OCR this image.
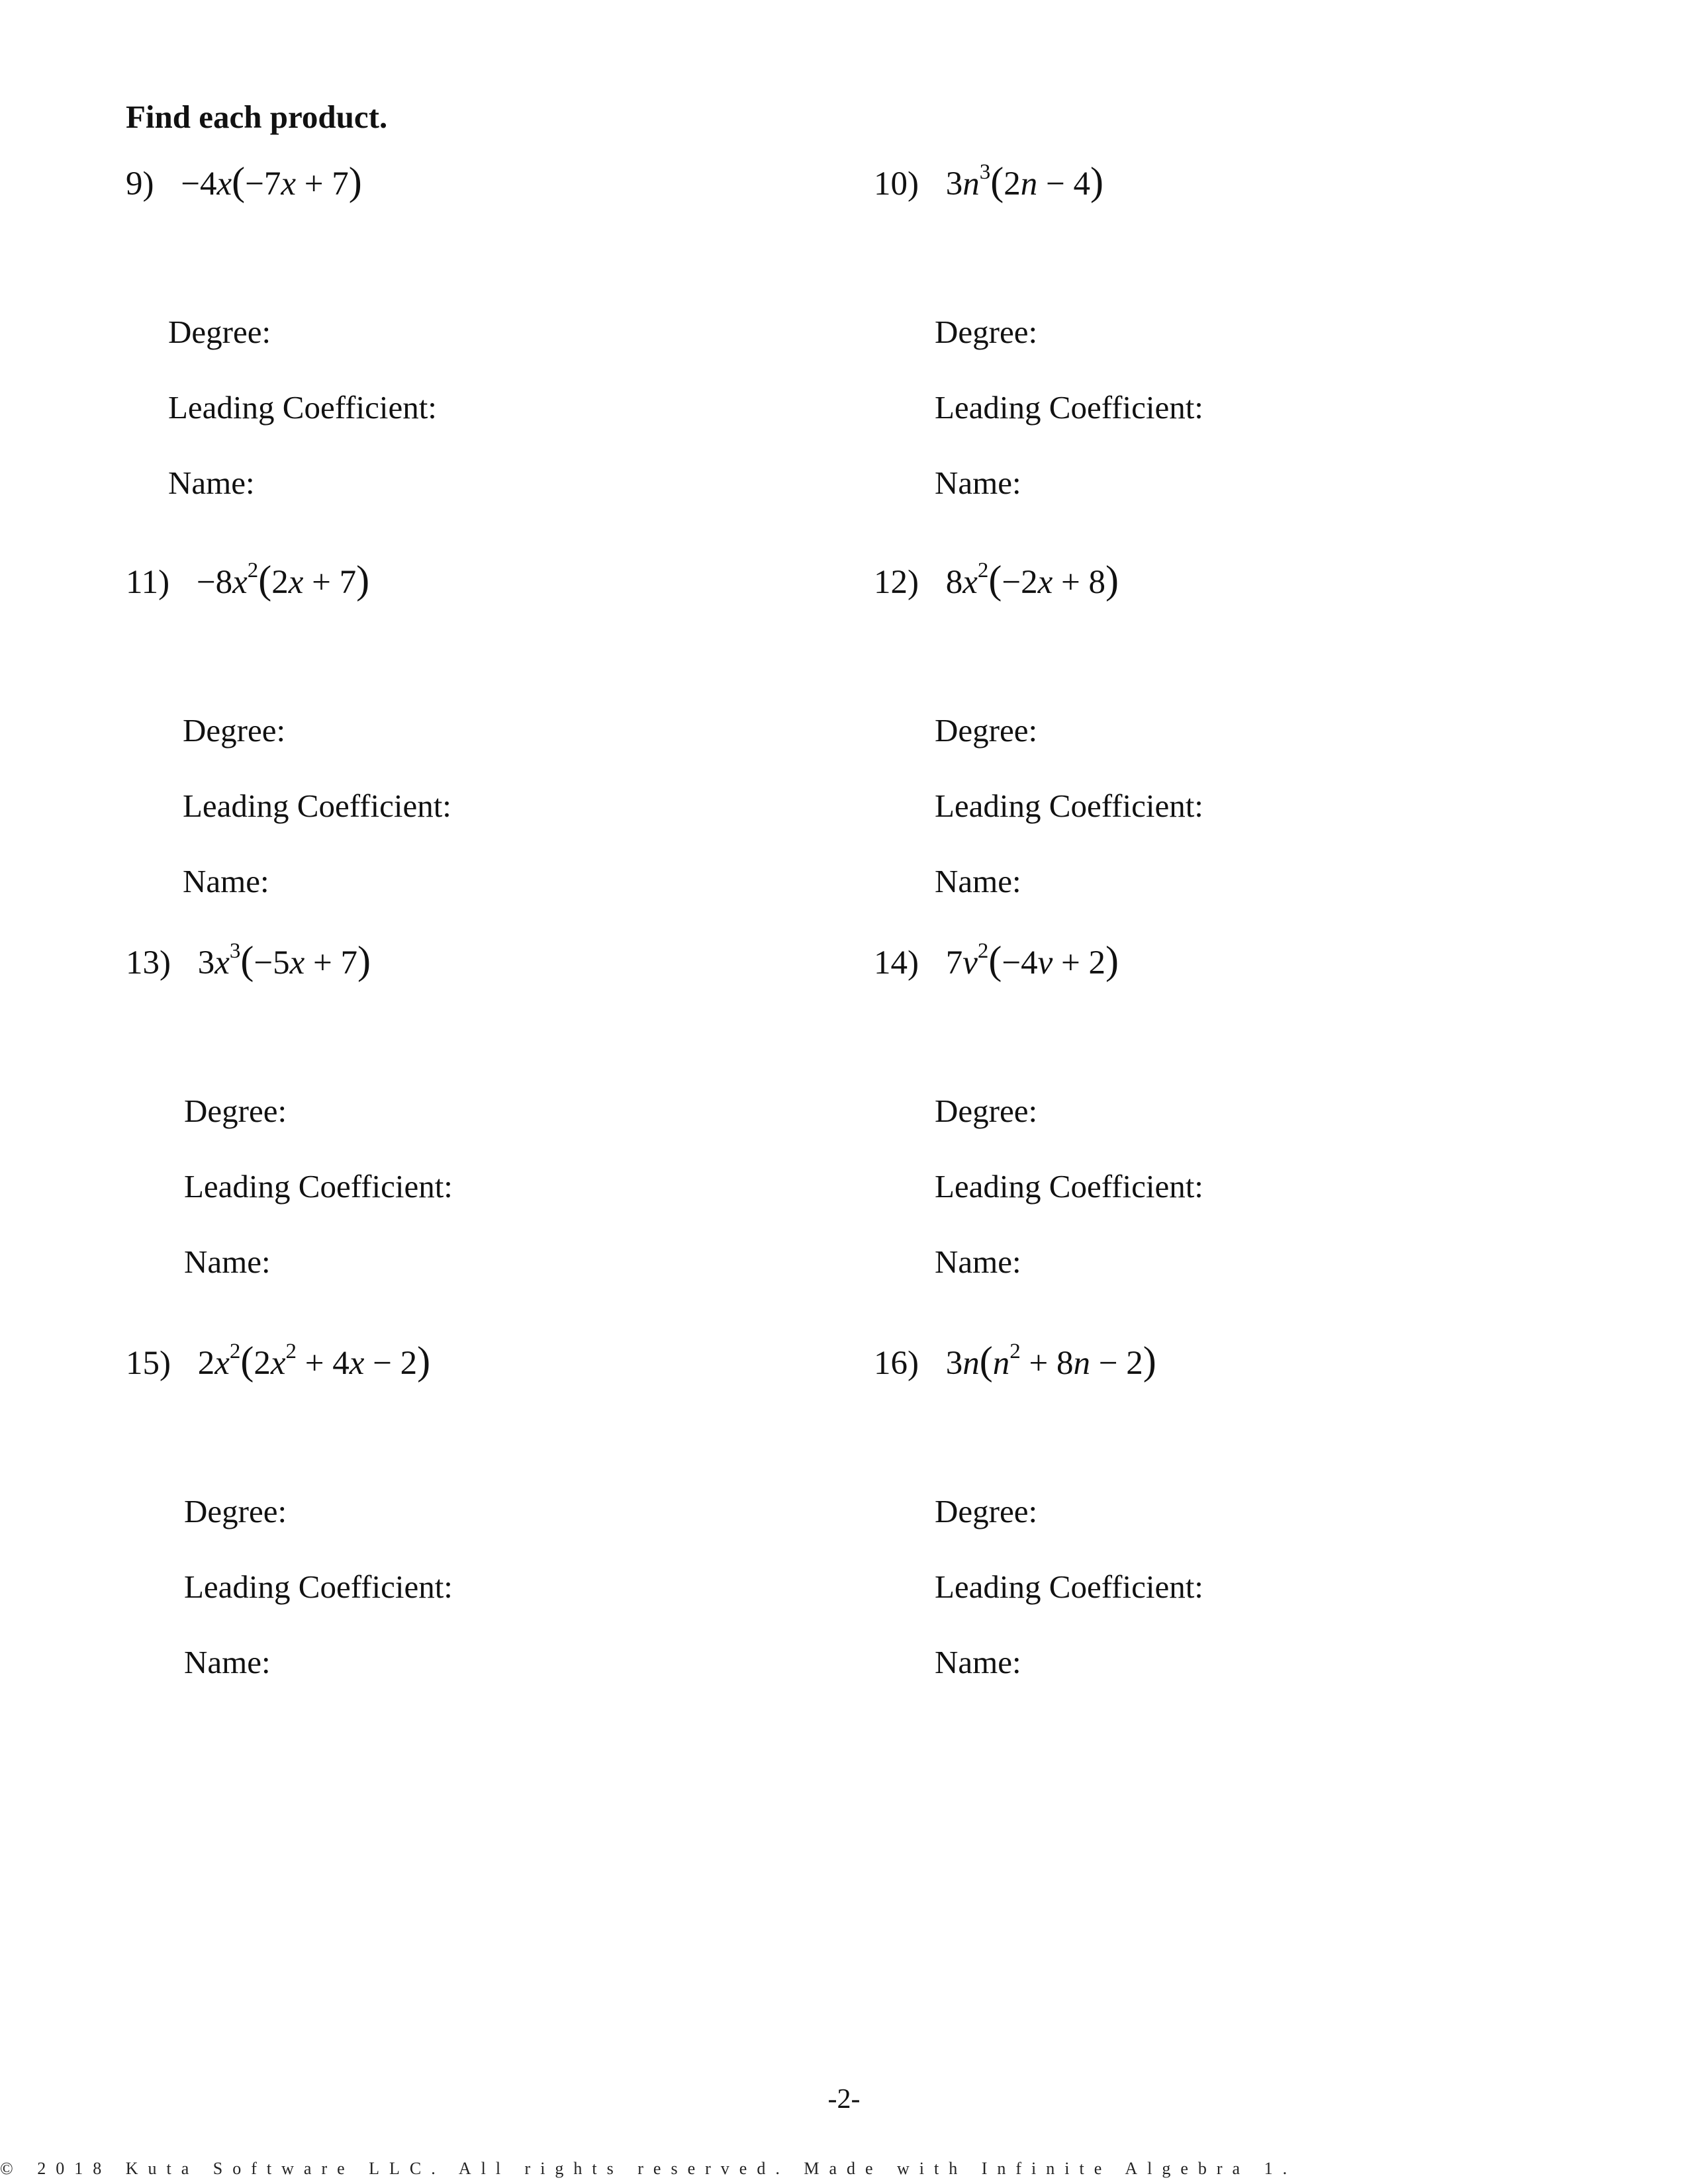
Find each product.
9) −4x(−7x + 7)
Degree:
Leading Coefficient:
Name:
10) $3n^3(2n - 4)$
Degree:
Leading Coefficient:
Name:
$11) -8x^2(2x + 7)$
Degree:
Leading Coefficient:
Name:
12) $8x^2(-2x + 8)$
Degree:
Leading Coefficient:
Name:
13) $3x^3(-5x + 7)$
Degree:
Leading Coefficient:
Name:
14) $7v^2(-4v + 2)$
Degree:
Leading Coefficient:
Name:
15) $2x^2(2x^2 + 4x - 2)$
Degree:
Leading Coefficient:
Name:
16) $3n(n^2 + 8n - 2)$
Degree:
Leading Coefficient:
Name:
-2-
© 2018 Kuta Software LLC. All rights reserved. Made with Infinite Algebra 1.
